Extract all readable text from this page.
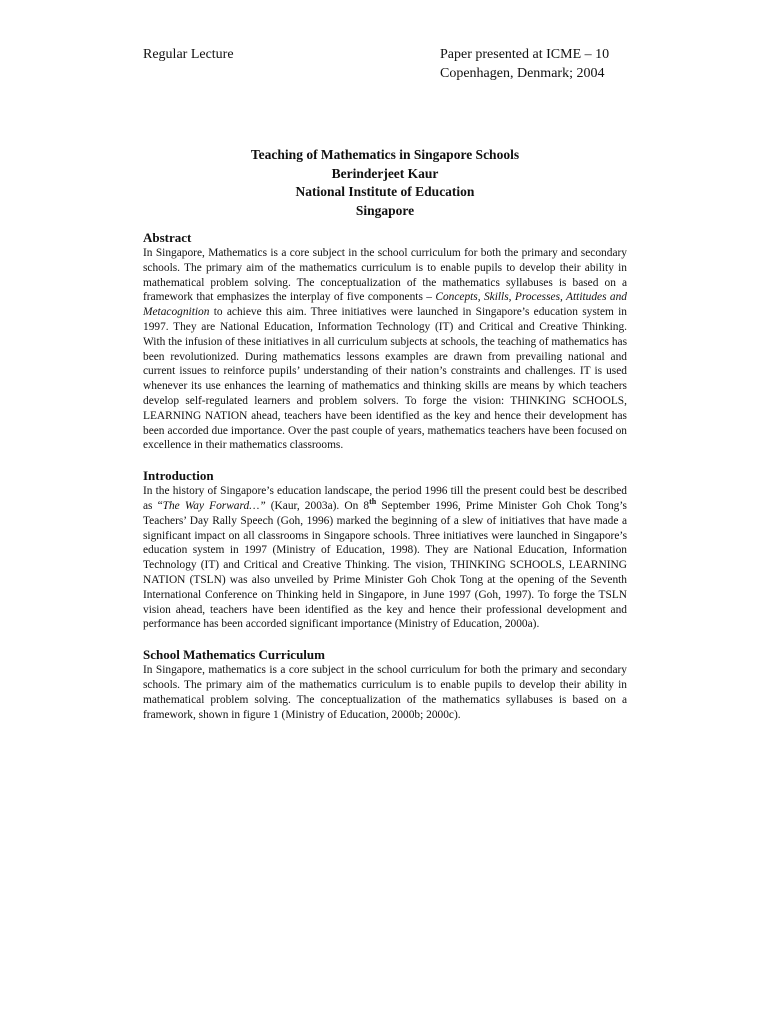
Regular Lecture	Paper presented at ICME – 10
Copenhagen, Denmark; 2004
Teaching of Mathematics in Singapore Schools
Berinderjeet Kaur
National Institute of Education
Singapore
Abstract

In Singapore, Mathematics is a core subject in the school curriculum for both the primary and secondary schools. The primary aim of the mathematics curriculum is to enable pupils to develop their ability in mathematical problem solving. The conceptualization of the mathematics syllabuses is based on a framework that emphasizes the interplay of five components – Concepts, Skills, Processes, Attitudes and Metacognition to achieve this aim. Three initiatives were launched in Singapore’s education system in 1997. They are National Education, Information Technology (IT) and Critical and Creative Thinking. With the infusion of these initiatives in all curriculum subjects at schools, the teaching of mathematics has been revolutionized. During mathematics lessons examples are drawn from prevailing national and current issues to reinforce pupils’ understanding of their nation’s constraints and challenges. IT is used whenever its use enhances the learning of mathematics and thinking skills are means by which teachers develop self-regulated learners and problem solvers. To forge the vision: THINKING SCHOOLS, LEARNING NATION ahead, teachers have been identified as the key and hence their development has been accorded due importance. Over the past couple of years, mathematics teachers have been focused on excellence in their mathematics classrooms.

Introduction

In the history of Singapore’s education landscape, the period 1996 till the present could best be described as “The Way Forward…” (Kaur, 2003a). On 8th September 1996, Prime Minister Goh Chok Tong’s Teachers’ Day Rally Speech (Goh, 1996) marked the beginning of a slew of initiatives that have made a significant impact on all classrooms in Singapore schools. Three initiatives were launched in Singapore’s education system in 1997 (Ministry of Education, 1998). They are National Education, Information Technology (IT) and Critical and Creative Thinking. The vision, THINKING SCHOOLS, LEARNING NATION (TSLN) was also unveiled by Prime Minister Goh Chok Tong at the opening of the Seventh International Conference on Thinking held in Singapore, in June 1997 (Goh, 1997). To forge the TSLN vision ahead, teachers have been identified as the key and hence their professional development and performance has been accorded significant importance (Ministry of Education, 2000a).

School Mathematics Curriculum

In Singapore, mathematics is a core subject in the school curriculum for both the primary and secondary schools. The primary aim of the mathematics curriculum is to enable pupils to develop their ability in mathematical problem solving. The conceptualization of the mathematics syllabuses is based on a framework, shown in figure 1 (Ministry of Education, 2000b; 2000c).
